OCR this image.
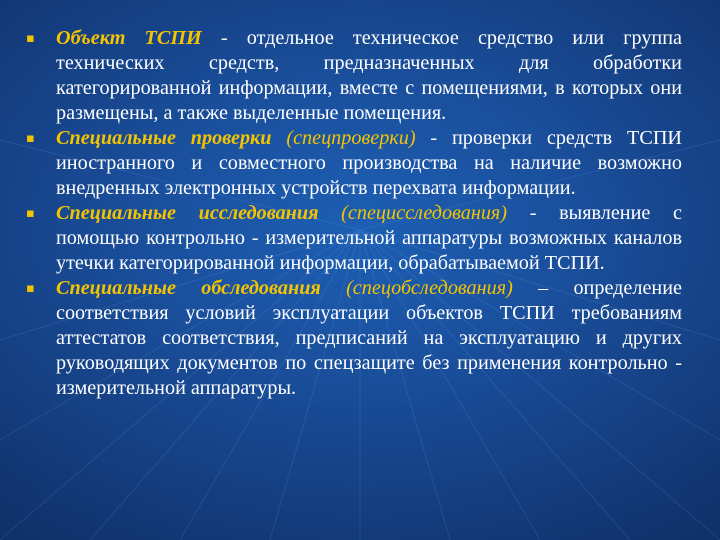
▪ Объект ТСПИ - отдельное техническое средство или группа технических средств, предназначенных для обработки категорированной информации, вместе с помещениями, в которых они размещены, а также выделенные помещения.

▪ Специальные проверки (спецпроверки) - проверки средств ТСПИ иностранного и совместного производства на наличие возможно внедренных электронных устройств перехвата информации.

▪ Специальные исследования (специсследования) - выявление с помощью контрольно - измерительной аппаратуры возможных каналов утечки категорированной информации, обрабатываемой ТСПИ.

▪ Специальные обследования (спецобследования) – определение соответствия условий эксплуатации объектов ТСПИ требованиям аттестатов соответствия, предписаний на эксплуатацию и других руководящих документов по спецзащите без применения контрольно - измерительной аппаратуры.
